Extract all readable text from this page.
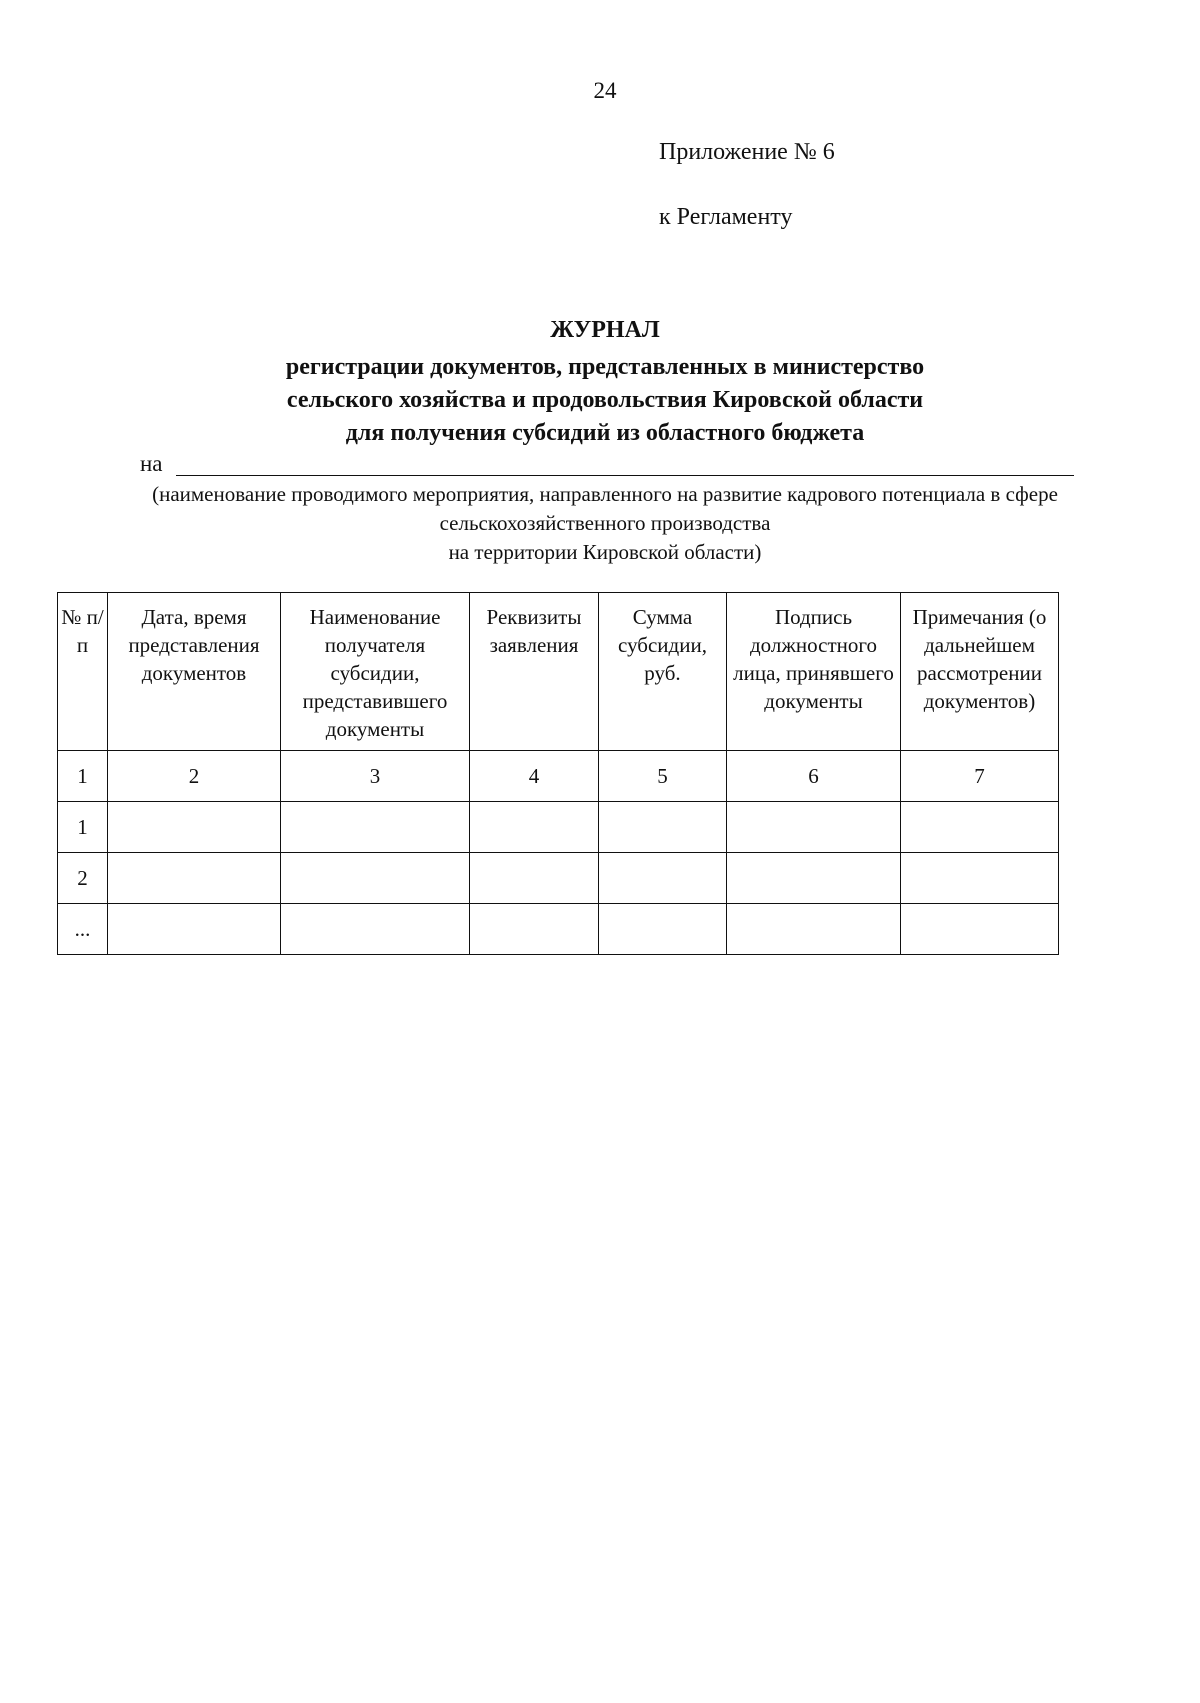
24
Приложение № 6
к Регламенту
ЖУРНАЛ
регистрации документов, представленных в министерство
сельского хозяйства и продовольствия Кировской области
для получения субсидий из областного бюджета
на
(наименование проводимого мероприятия, направленного на развитие кадрового потенциала в сфере
сельскохозяйственного производства
на территории Кировской области)
№ п/п	Дата, время представления документов	Наименование получателя субсидии, представившего документы	Реквизиты заявления	Сумма субсидии, руб.	Подпись должностного лица, принявшего документы	Примечания (о дальнейшем рассмотрении документов)
1	2	3	4	5	6	7
1						
2						
...						
